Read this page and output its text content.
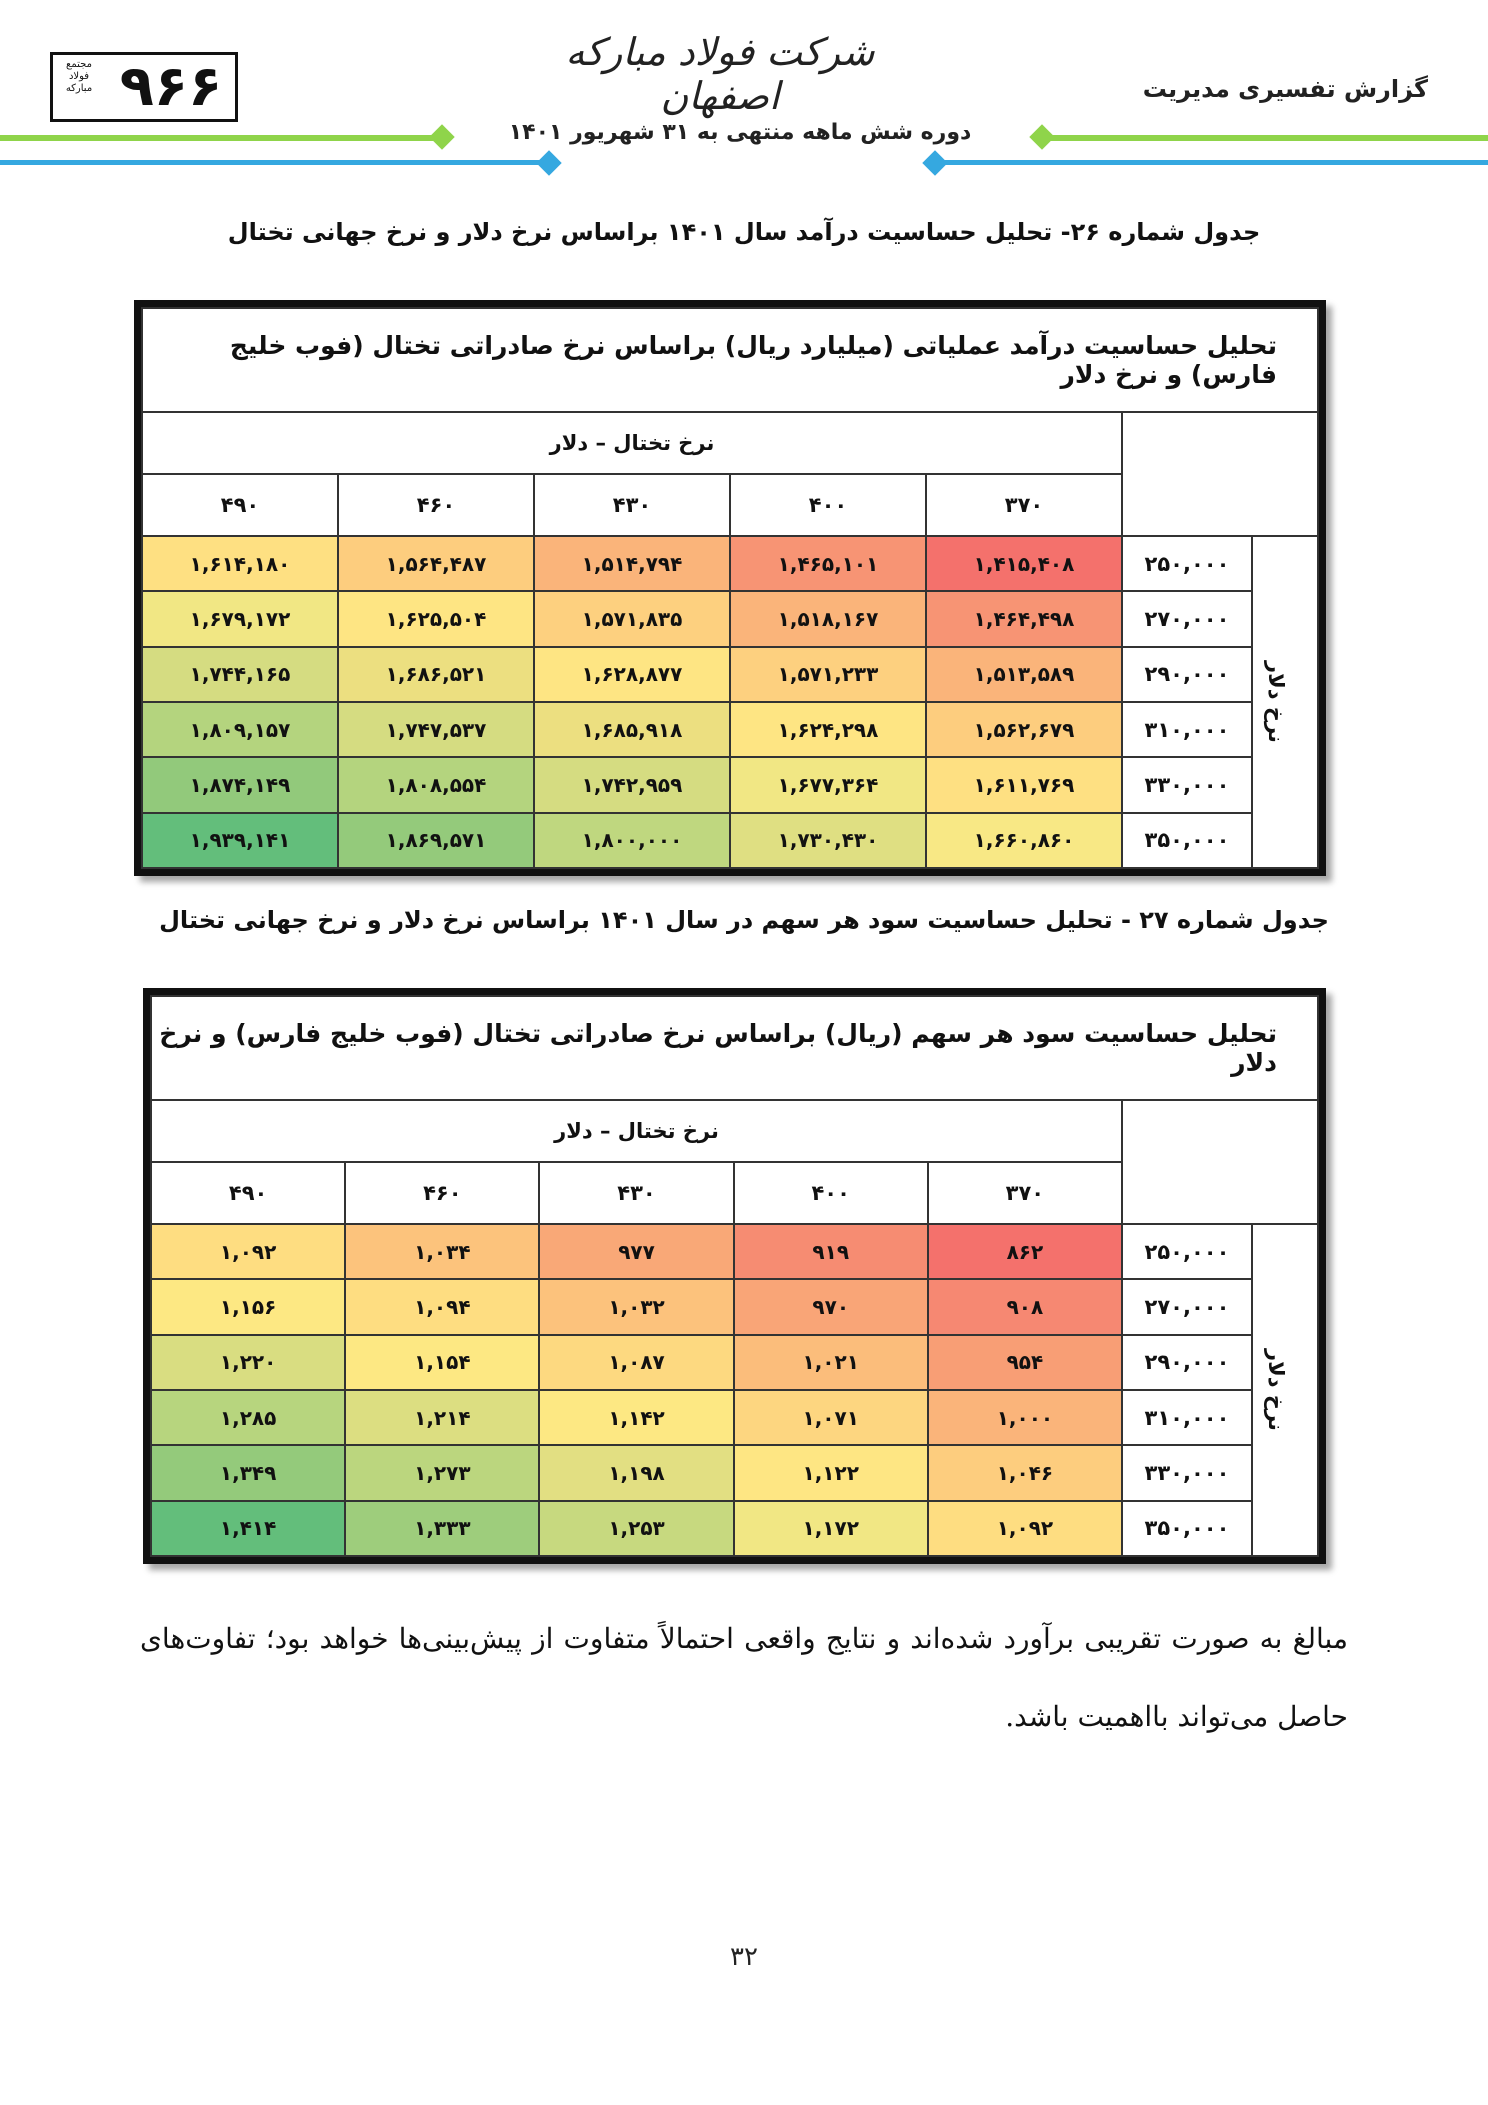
مجتمع فولاد مبارکه ۹۶۶
شرکت فولاد مبارکه اصفهان	گزارش تفسیری مدیریت
دوره شش ماهه منتهی به ۳۱ شهریور ۱۴۰۱
جدول شماره ۲۶- تحلیل حساسیت درآمد سال ۱۴۰۱ براساس نرخ دلار و نرخ جهانی تختال
تحلیل حساسیت درآمد عملیاتی (میلیارد ریال) براساس نرخ صادراتی تختال (فوب خلیج فارس) و نرخ دلار						
		نرخ تختال – دلار				
		۳۷۰	۴۰۰	۴۳۰	۴۶۰	۴۹۰
نرخ دلار	۲۵۰,۰۰۰	۱,۴۱۵,۴۰۸	۱,۴۶۵,۱۰۱	۱,۵۱۴,۷۹۴	۱,۵۶۴,۴۸۷	۱,۶۱۴,۱۸۰
	۲۷۰,۰۰۰	۱,۴۶۴,۴۹۸	۱,۵۱۸,۱۶۷	۱,۵۷۱,۸۳۵	۱,۶۲۵,۵۰۴	۱,۶۷۹,۱۷۲
	۲۹۰,۰۰۰	۱,۵۱۳,۵۸۹	۱,۵۷۱,۲۳۳	۱,۶۲۸,۸۷۷	۱,۶۸۶,۵۲۱	۱,۷۴۴,۱۶۵
	۳۱۰,۰۰۰	۱,۵۶۲,۶۷۹	۱,۶۲۴,۲۹۸	۱,۶۸۵,۹۱۸	۱,۷۴۷,۵۳۷	۱,۸۰۹,۱۵۷
	۳۳۰,۰۰۰	۱,۶۱۱,۷۶۹	۱,۶۷۷,۳۶۴	۱,۷۴۲,۹۵۹	۱,۸۰۸,۵۵۴	۱,۸۷۴,۱۴۹
	۳۵۰,۰۰۰	۱,۶۶۰,۸۶۰	۱,۷۳۰,۴۳۰	۱,۸۰۰,۰۰۰	۱,۸۶۹,۵۷۱	۱,۹۳۹,۱۴۱
جدول شماره ۲۷ - تحلیل حساسیت سود هر سهم در سال ۱۴۰۱ براساس نرخ دلار و نرخ جهانی تختال
تحلیل حساسیت سود هر سهم (ریال) براساس نرخ صادراتی تختال (فوب خلیج فارس) و نرخ دلار						
		نرخ تختال – دلار				
		۳۷۰	۴۰۰	۴۳۰	۴۶۰	۴۹۰
نرخ دلار	۲۵۰,۰۰۰	۸۶۲	۹۱۹	۹۷۷	۱,۰۳۴	۱,۰۹۲
	۲۷۰,۰۰۰	۹۰۸	۹۷۰	۱,۰۳۲	۱,۰۹۴	۱,۱۵۶
	۲۹۰,۰۰۰	۹۵۴	۱,۰۲۱	۱,۰۸۷	۱,۱۵۴	۱,۲۲۰
	۳۱۰,۰۰۰	۱,۰۰۰	۱,۰۷۱	۱,۱۴۲	۱,۲۱۴	۱,۲۸۵
	۳۳۰,۰۰۰	۱,۰۴۶	۱,۱۲۲	۱,۱۹۸	۱,۲۷۳	۱,۳۴۹
	۳۵۰,۰۰۰	۱,۰۹۲	۱,۱۷۲	۱,۲۵۳	۱,۳۳۳	۱,۴۱۴
مبالغ به صورت تقریبی برآورد شده‌اند و نتایج واقعی احتمالاً متفاوت از پیش‌بینی‌ها خواهد بود؛ تفاوت‌های حاصل می‌تواند بااهمیت باشد.
۳۲
